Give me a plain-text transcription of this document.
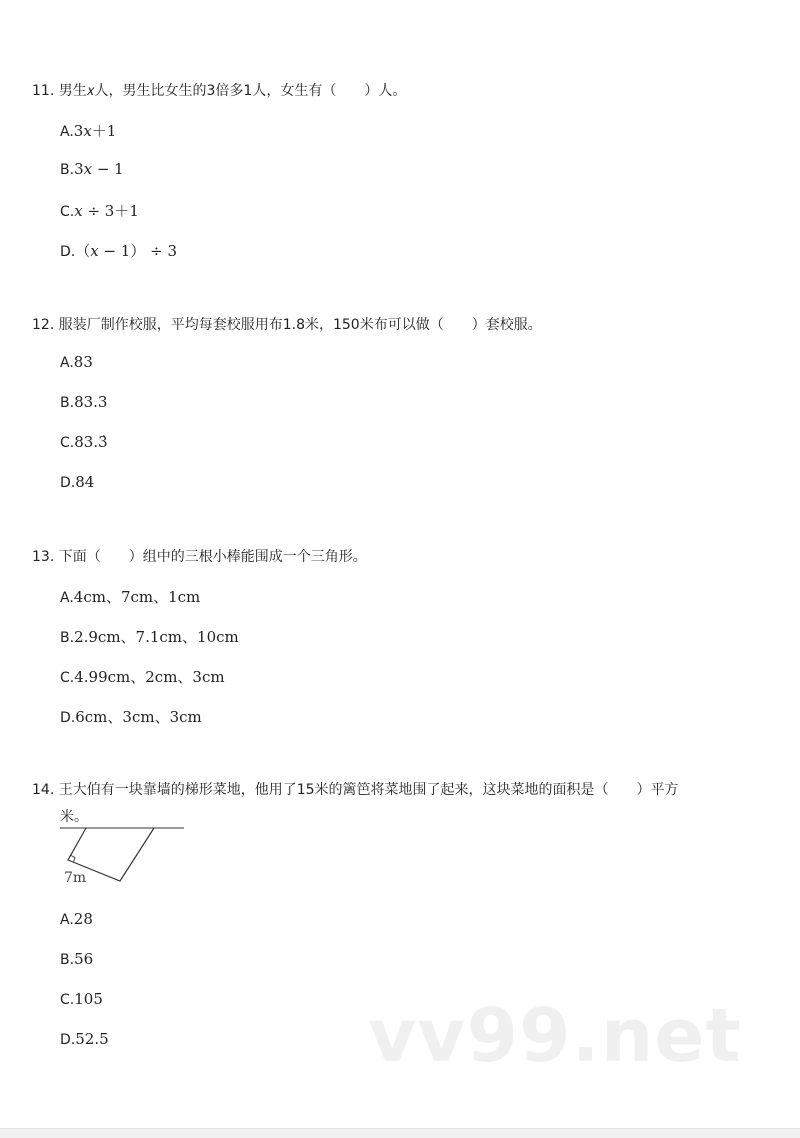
11. 男生𝑥人，男生比女生的3倍多1人，女生有（　　）人。
A.3𝑥＋1
B.3𝑥 − 1
C.𝑥 ÷ 3＋1
D.（𝑥 − 1） ÷ 3
12. 服装厂制作校服，平均每套校服用布1.8米，150米布可以做（　　）套校服。
A.83
B.83.3
C.83.3̇
D.84
13. 下面（　　）组中的三根小棒能围成一个三角形。
A.4cm、7cm、1cm
B.2.9cm、7.1cm、10cm
C.4.99cm、2cm、3cm
D.6cm、3cm、3cm
14. 王大伯有一块靠墙的梯形菜地，他用了15米的篱笆将菜地围了起来，这块菜地的面积是（　　）平方
米。
7m
A.28
B.56
C.105
D.52.5	vv99.net
